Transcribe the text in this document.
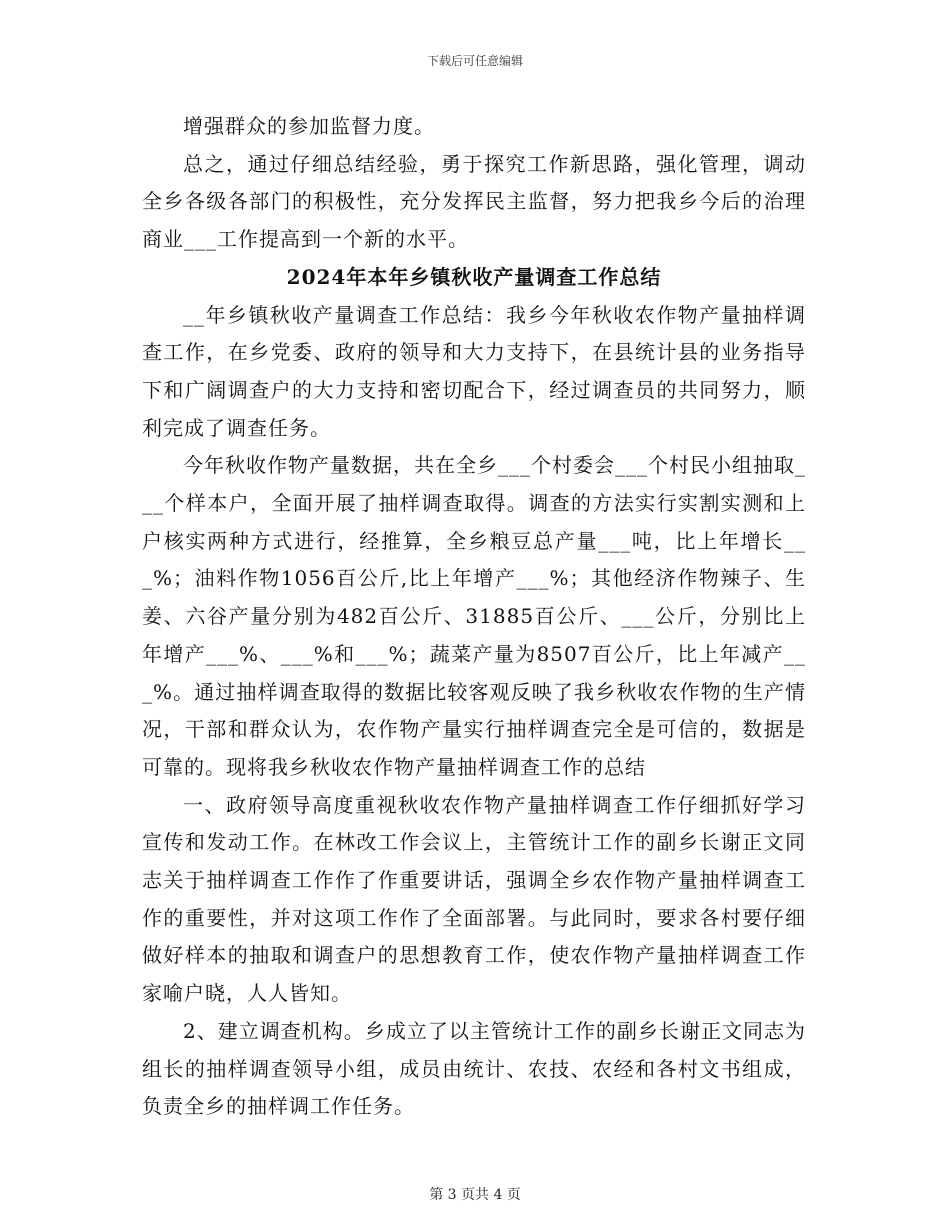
下载后可任意编辑

增强群众的参加监督力度。

总之，通过仔细总结经验，勇于探究工作新思路，强化管理，调动全乡各级各部门的积极性，充分发挥民主监督，努力把我乡今后的治理商业___工作提高到一个新的水平。

2024年本年乡镇秋收产量调查工作总结

__年乡镇秋收产量调查工作总结：我乡今年秋收农作物产量抽样调查工作，在乡党委、政府的领导和大力支持下，在县统计县的业务指导下和广阔调查户的大力支持和密切配合下，经过调查员的共同努力，顺利完成了调查任务。

今年秋收作物产量数据，共在全乡___个村委会___个村民小组抽取___个样本户，全面开展了抽样调查取得。调查的方法实行实割实测和上户核实两种方式进行，经推算，全乡粮豆总产量___吨，比上年增长___%；油料作物1056百公斤,比上年增产___%；其他经济作物辣子、生姜、六谷产量分别为482百公斤、31885百公斤、___公斤，分别比上年增产___%、___%和___%；蔬菜产量为8507百公斤，比上年减产___%。通过抽样调查取得的数据比较客观反映了我乡秋收农作物的生产情况，干部和群众认为，农作物产量实行抽样调查完全是可信的，数据是可靠的。现将我乡秋收农作物产量抽样调查工作的总结

一、政府领导高度重视秋收农作物产量抽样调查工作仔细抓好学习宣传和发动工作。在林改工作会议上，主管统计工作的副乡长谢正文同志关于抽样调查工作作了作重要讲话，强调全乡农作物产量抽样调查工作的重要性，并对这项工作作了全面部署。与此同时，要求各村要仔细做好样本的抽取和调查户的思想教育工作，使农作物产量抽样调查工作家喻户晓，人人皆知。

2、建立调查机构。乡成立了以主管统计工作的副乡长谢正文同志为组长的抽样调查领导小组，成员由统计、农技、农经和各村文书组成，负责全乡的抽样调工作任务。

第 3 页共 4 页
